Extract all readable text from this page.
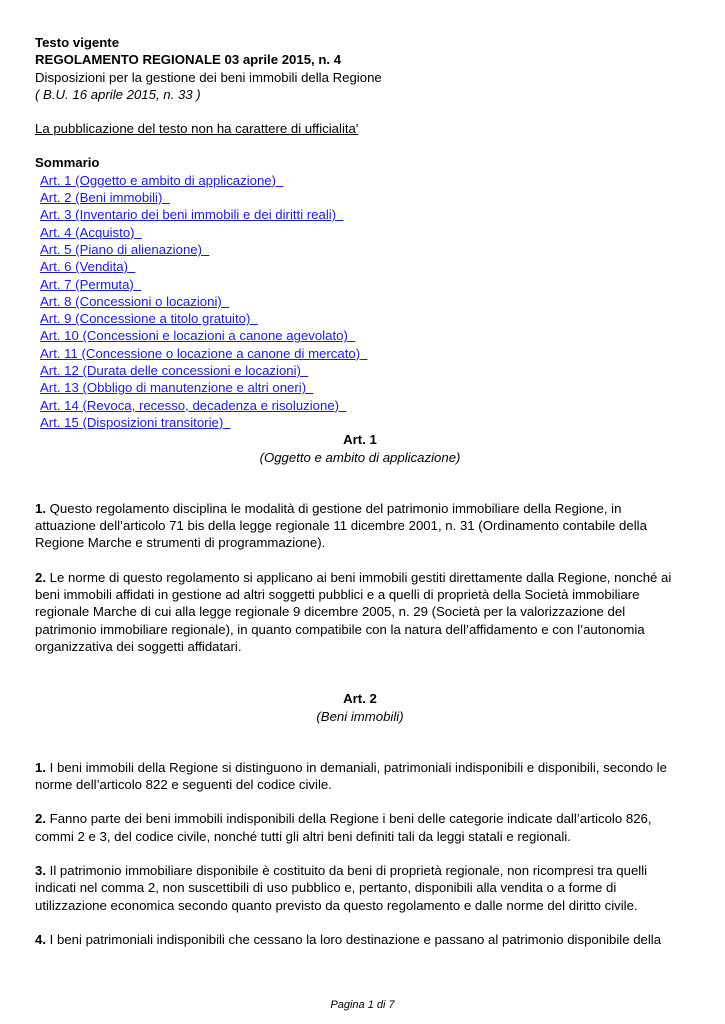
Testo vigente
REGOLAMENTO REGIONALE 03 aprile 2015, n. 4
Disposizioni per la gestione dei beni immobili della Regione
( B.U. 16 aprile 2015, n. 33 )
La pubblicazione del testo non ha carattere di ufficialita'
Sommario
Art. 1 (Oggetto e ambito di applicazione)
Art. 2 (Beni immobili)
Art. 3 (Inventario dei beni immobili e dei diritti reali)
Art. 4 (Acquisto)
Art. 5 (Piano di alienazione)
Art. 6 (Vendita)
Art. 7 (Permuta)
Art. 8 (Concessioni o locazioni)
Art. 9 (Concessione a titolo gratuito)
Art. 10 (Concessioni e locazioni a canone agevolato)
Art. 11 (Concessione o locazione a canone di mercato)
Art. 12 (Durata delle concessioni e locazioni)
Art. 13 (Obbligo di manutenzione e altri oneri)
Art. 14 (Revoca, recesso, decadenza e risoluzione)
Art. 15 (Disposizioni transitorie)
Art. 1
(Oggetto e ambito di applicazione)

1. Questo regolamento disciplina le modalità di gestione del patrimonio immobiliare della Regione, in attuazione dell’articolo 71 bis della legge regionale 11 dicembre 2001, n. 31 (Ordinamento contabile della Regione Marche e strumenti di programmazione).

2. Le norme di questo regolamento si applicano ai beni immobili gestiti direttamente dalla Regione, nonché ai beni immobili affidati in gestione ad altri soggetti pubblici e a quelli di proprietà della Società immobiliare regionale Marche di cui alla legge regionale 9 dicembre 2005, n. 29 (Società per la valorizzazione del patrimonio immobiliare regionale), in quanto compatibile con la natura dell’affidamento e con l’autonomia organizzativa dei soggetti affidatari.

Art. 2
(Beni immobili)

1. I beni immobili della Regione si distinguono in demaniali, patrimoniali indisponibili e disponibili, secondo le norme dell’articolo 822 e seguenti del codice civile.

2. Fanno parte dei beni immobili indisponibili della Regione i beni delle categorie indicate dall’articolo 826, commi 2 e 3, del codice civile, nonché tutti gli altri beni definiti tali da leggi statali e regionali.

3. Il patrimonio immobiliare disponibile è costituito da beni di proprietà regionale, non ricompresi tra quelli indicati nel comma 2, non suscettibili di uso pubblico e, pertanto, disponibili alla vendita o a forme di utilizzazione economica secondo quanto previsto da questo regolamento e dalle norme del diritto civile.

4. I beni patrimoniali indisponibili che cessano la loro destinazione e passano al patrimonio disponibile della

Pagina 1 di 7
